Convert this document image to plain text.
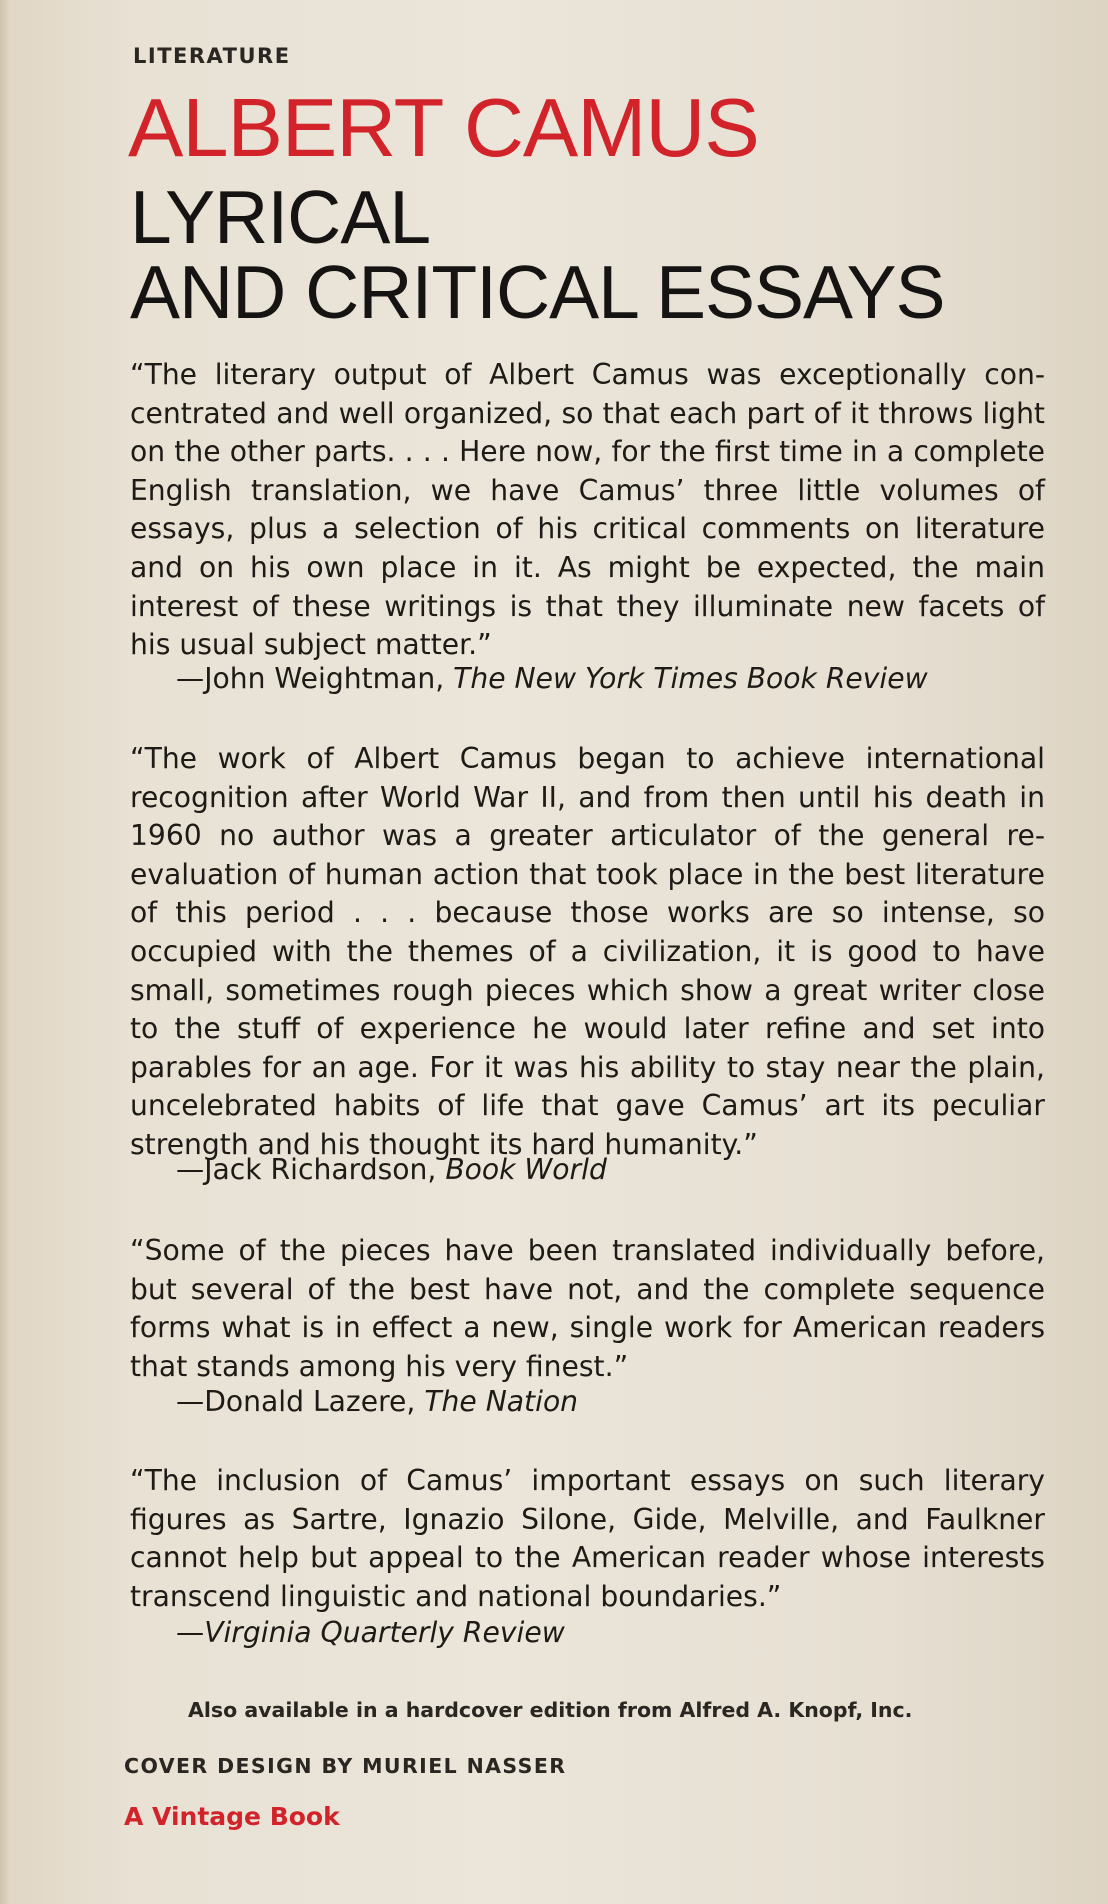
LITERATURE
ALBERT CAMUS
LYRICAL
AND CRITICAL ESSAYS

“The literary output of Albert Camus was exceptionally concentrated and well organized, so that each part of it throws light on the other parts. . . . Here now, for the first time in a complete English translation, we have Camus’ three little volumes of essays, plus a selection of his critical comments on literature and on his own place in it. As might be expected, the main interest of these writings is that they illuminate new facets of his usual subject matter.”

—John Weightman, The New York Times Book Review

“The work of Albert Camus began to achieve international recognition after World War II, and from then until his death in 1960 no author was a greater articulator of the general reevaluation of human action that took place in the best literature of this period . . . because those works are so intense, so occupied with the themes of a civilization, it is good to have small, sometimes rough pieces which show a great writer close to the stuff of experience he would later refine and set into parables for an age. For it was his ability to stay near the plain, uncelebrated habits of life that gave Camus’ art its peculiar strength and his thought its hard humanity.”

—Jack Richardson, Book World

“Some of the pieces have been translated individually before, but several of the best have not, and the complete sequence forms what is in effect a new, single work for American readers that stands among his very finest.”

—Donald Lazere, The Nation

“The inclusion of Camus’ important essays on such literary figures as Sartre, Ignazio Silone, Gide, Melville, and Faulkner cannot help but appeal to the American reader whose interests transcend linguistic and national boundaries.”

—Virginia Quarterly Review
Also available in a hardcover edition from Alfred A. Knopf, Inc.
COVER DESIGN BY MURIEL NASSER
A Vintage Book
